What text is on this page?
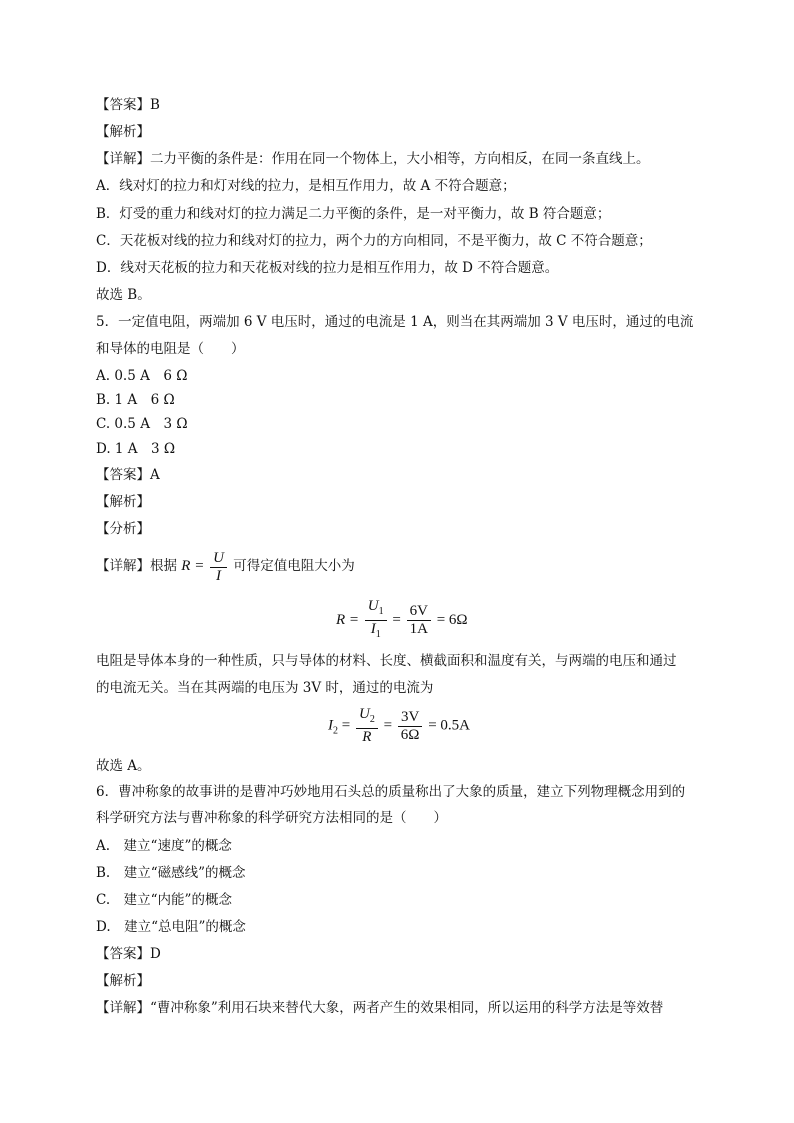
【答案】B
【解析】
【详解】二力平衡的条件是：作用在同一个物体上，大小相等，方向相反，在同一条直线上。
A．线对灯的拉力和灯对线的拉力，是相互作用力，故 A 不符合题意；
B．灯受的重力和线对灯的拉力满足二力平衡的条件，是一对平衡力，故 B 符合题意；
C．天花板对线的拉力和线对灯的拉力，两个力的方向相同，不是平衡力，故 C 不符合题意；
D．线对天花板的拉力和天花板对线的拉力是相互作用力，故 D 不符合题意。
故选 B。
5．一定值电阻，两端加 6 V 电压时，通过的电流是 1 A，则当在其两端加 3 V 电压时，通过的电流
和导体的电阻是（　　）
A. 0.5 A　6 Ω
B. 1 A　6 Ω
C. 0.5 A　3 Ω
D. 1 A　3 Ω
【答案】A
【解析】
【分析】
【详解】根据 $R = \frac{U}{I}$ 可得定值电阻大小为
$R = \frac{U_1}{I_1} = \frac{6V}{1A} = 6\Omega$
电阻是导体本身的一种性质，只与导体的材料、长度、横截面积和温度有关，与两端的电压和通过
的电流无关。当在其两端的电压为 3V 时，通过的电流为
$I_2 = \frac{U_2}{R} = \frac{3V}{6\Omega} = 0.5A$
故选 A。
6．曹冲称象的故事讲的是曹冲巧妙地用石头总的质量称出了大象的质量，建立下列物理概念用到的
科学研究方法与曹冲称象的科学研究方法相同的是（　　）
A.　建立“速度”的概念
B.　建立“磁感线”的概念
C.　建立“内能”的概念
D.　建立“总电阻”的概念
【答案】D
【解析】
【详解】“曹冲称象”利用石块来替代大象，两者产生的效果相同，所以运用的科学方法是等效替
